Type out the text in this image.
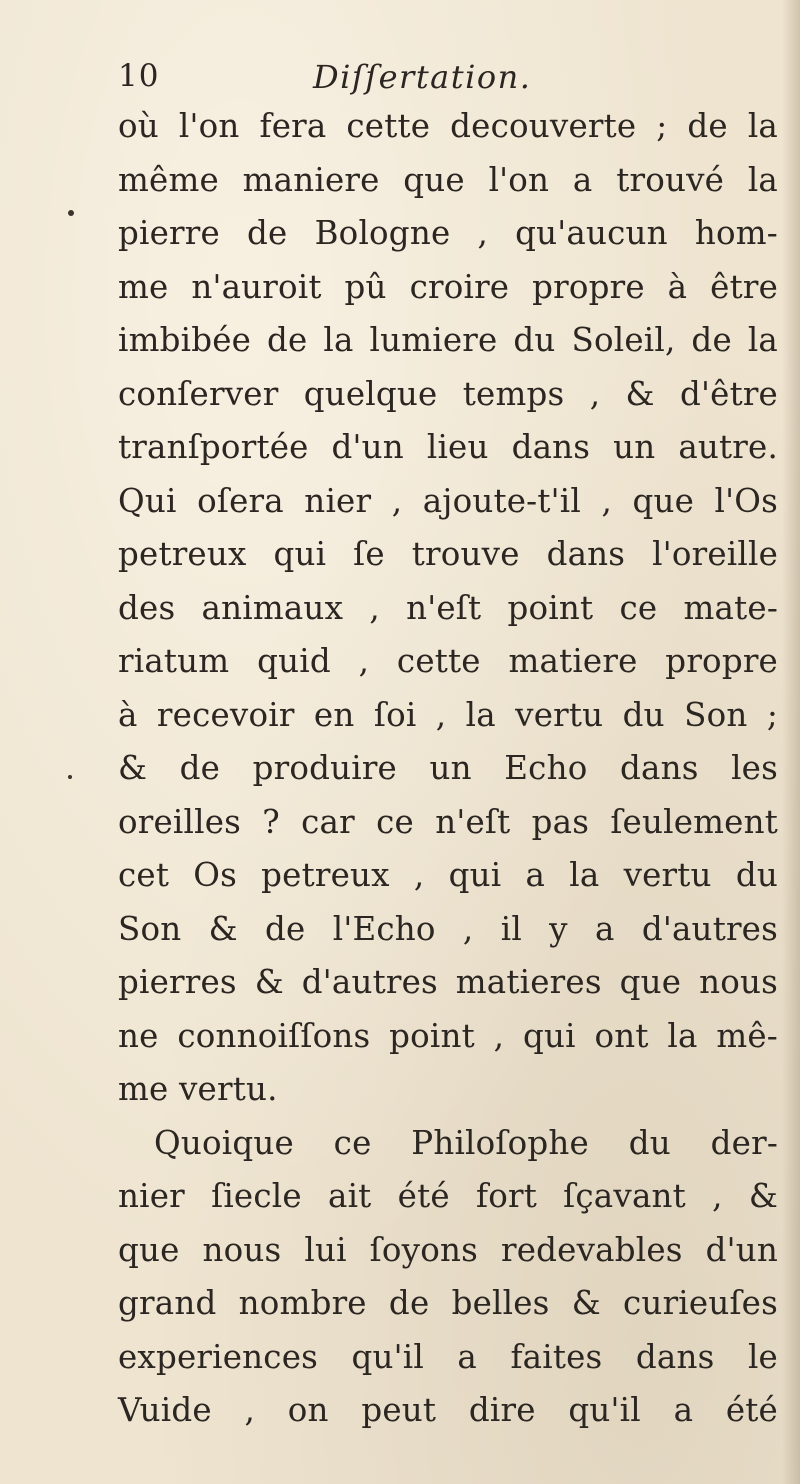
10	Diſſertation.
où l'on fera cette decouverte ; de la
même maniere que l'on a trouvé la
pierre de Bologne , qu'aucun hom-
me n'auroit pû croire propre à être
imbibée de la lumiere du Soleil, de la
conſerver quelque temps , & d'être
tranſportée d'un lieu dans un autre.
Qui oſera nier , ajoute-t'il , que l'Os
petreux qui ſe trouve dans l'oreille
des animaux , n'eſt point ce mate-
riatum quid , cette matiere propre
à recevoir en ſoi , la vertu du Son ;
& de produire un Echo dans les
oreilles ? car ce n'eſt pas ſeulement
cet Os petreux , qui a la vertu du
Son & de l'Echo , il y a d'autres
pierres & d'autres matieres que nous
ne connoiſſons point , qui ont la mê-
me vertu.
Quoique ce Philoſophe du der-
nier ſiecle ait été fort ſçavant , &
que nous lui ſoyons redevables d'un
grand nombre de belles & curieuſes
experiences qu'il a faites dans le
Vuide , on peut dire qu'il a été
